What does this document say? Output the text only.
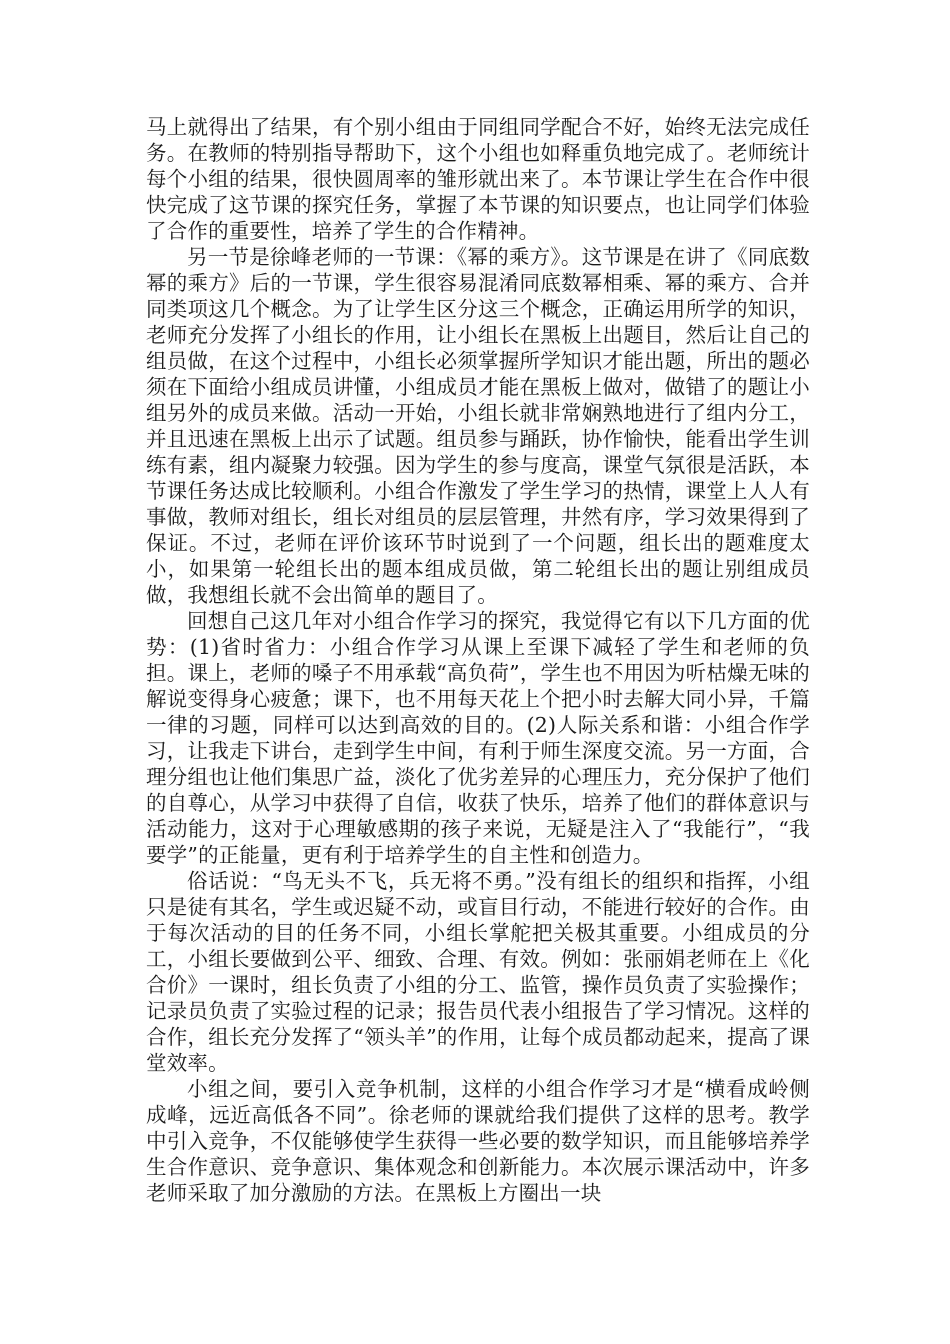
马上就得出了结果，有个别小组由于同组同学配合不好，始终无法完成任务。在教师的特别指导帮助下，这个小组也如释重负地完成了。老师统计每个小组的结果，很快圆周率的雏形就出来了。本节课让学生在合作中很快完成了这节课的探究任务，掌握了本节课的知识要点，也让同学们体验了合作的重要性，培养了学生的合作精神。

另一节是徐峰老师的一节课：《幂的乘方》。这节课是在讲了《同底数幂的乘方》后的一节课，学生很容易混淆同底数幂相乘、幂的乘方、合并同类项这几个概念。为了让学生区分这三个概念，正确运用所学的知识，老师充分发挥了小组长的作用，让小组长在黑板上出题目，然后让自己的组员做，在这个过程中，小组长必须掌握所学知识才能出题，所出的题必须在下面给小组成员讲懂，小组成员才能在黑板上做对，做错了的题让小组另外的成员来做。活动一开始，小组长就非常娴熟地进行了组内分工，并且迅速在黑板上出示了试题。组员参与踊跃，协作愉快，能看出学生训练有素，组内凝聚力较强。因为学生的参与度高，课堂气氛很是活跃，本节课任务达成比较顺利。小组合作激发了学生学习的热情，课堂上人人有事做，教师对组长，组长对组员的层层管理，井然有序，学习效果得到了保证。不过，老师在评价该环节时说到了一个问题，组长出的题难度太小，如果第一轮组长出的题本组成员做，第二轮组长出的题让别组成员做，我想组长就不会出简单的题目了。

回想自己这几年对小组合作学习的探究，我觉得它有以下几方面的优势：(1)省时省力：小组合作学习从课上至课下减轻了学生和老师的负担。课上，老师的嗓子不用承载“高负荷”，学生也不用因为听枯燥无味的解说变得身心疲惫；课下，也不用每天花上个把小时去解大同小异，千篇一律的习题，同样可以达到高效的目的。(2)人际关系和谐：小组合作学习，让我走下讲台，走到学生中间，有利于师生深度交流。另一方面，合理分组也让他们集思广益，淡化了优劣差异的心理压力，充分保护了他们的自尊心，从学习中获得了自信，收获了快乐，培养了他们的群体意识与活动能力，这对于心理敏感期的孩子来说，无疑是注入了“我能行”，“我要学”的正能量，更有利于培养学生的自主性和创造力。

俗话说：“鸟无头不飞，兵无将不勇。”没有组长的组织和指挥，小组只是徒有其名，学生或迟疑不动，或盲目行动，不能进行较好的合作。由于每次活动的目的任务不同，小组长掌舵把关极其重要。小组成员的分工，小组长要做到公平、细致、合理、有效。例如：张丽娟老师在上《化合价》一课时，组长负责了小组的分工、监管，操作员负责了实验操作；记录员负责了实验过程的记录；报告员代表小组报告了学习情况。这样的合作，组长充分发挥了“领头羊”的作用，让每个成员都动起来，提高了课堂效率。

小组之间，要引入竞争机制，这样的小组合作学习才是“横看成岭侧成峰，远近高低各不同”。徐老师的课就给我们提供了这样的思考。教学中引入竞争，不仅能够使学生获得一些必要的数学知识，而且能够培养学生合作意识、竞争意识、集体观念和创新能力。本次展示课活动中，许多老师采取了加分激励的方法。在黑板上方圈出一块
